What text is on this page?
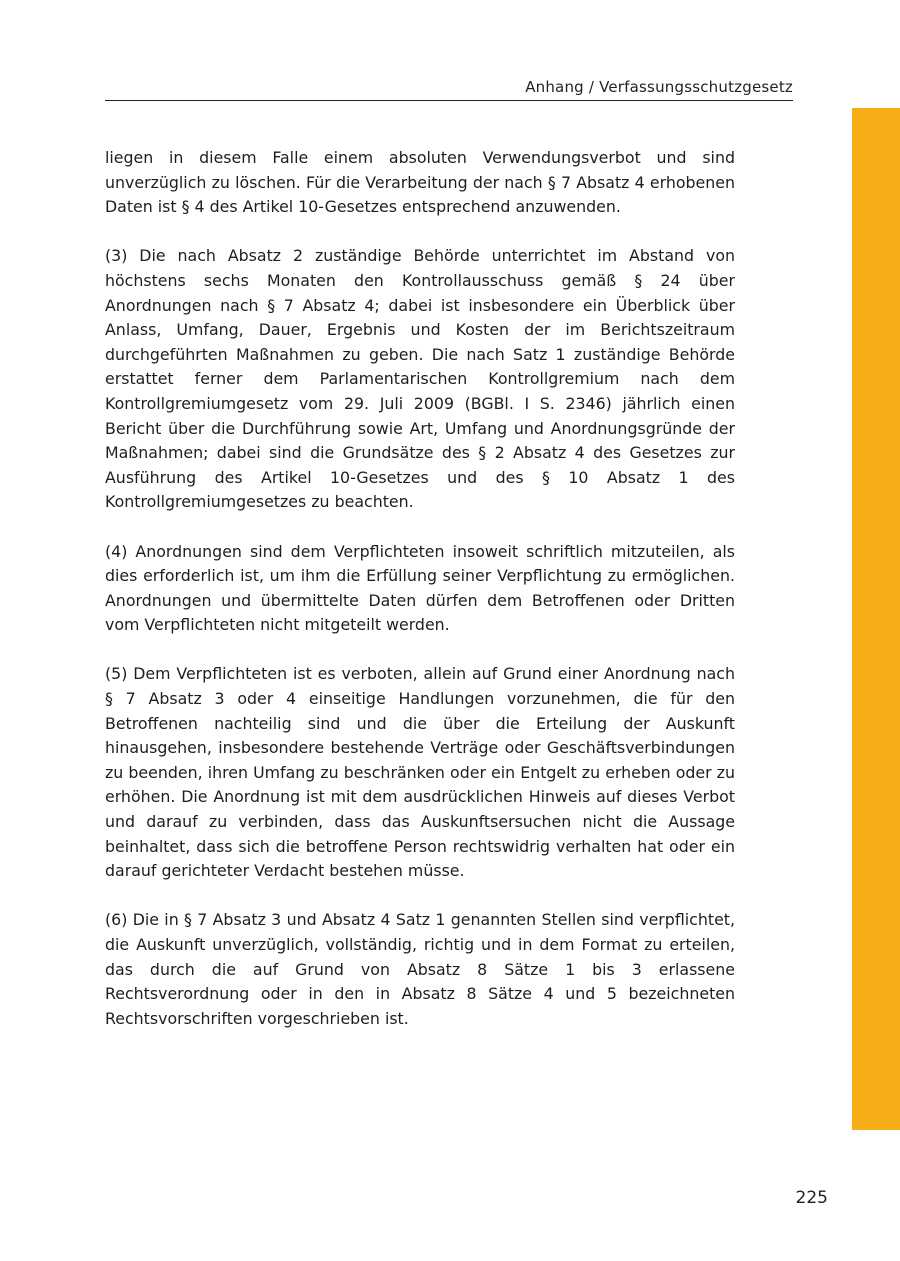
Anhang / Verfassungsschutzgesetz

liegen in diesem Falle einem absoluten Verwendungsverbot und sind unverzüglich zu löschen. Für die Verarbeitung der nach § 7 Absatz 4 erhobenen Daten ist § 4 des Artikel 10-Gesetzes entsprechend anzuwenden.

(3) Die nach Absatz 2 zuständige Behörde unterrichtet im Abstand von höchstens sechs Monaten den Kontrollausschuss gemäß § 24 über Anordnungen nach § 7 Absatz 4; dabei ist insbesondere ein Überblick über Anlass, Umfang, Dauer, Ergebnis und Kosten der im Berichtszeitraum durchgeführten Maßnahmen zu geben. Die nach Satz 1 zuständige Behörde erstattet ferner dem Parlamentarischen Kontrollgremium nach dem Kontrollgremiumgesetz vom 29. Juli 2009 (BGBl. I S. 2346) jährlich einen Bericht über die Durchführung sowie Art, Umfang und Anordnungsgründe der Maßnahmen; dabei sind die Grundsätze des § 2 Absatz 4 des Gesetzes zur Ausführung des Artikel 10-Gesetzes und des § 10 Absatz 1 des Kontrollgremiumgesetzes zu beachten.

(4) Anordnungen sind dem Verpflichteten insoweit schriftlich mitzuteilen, als dies erforderlich ist, um ihm die Erfüllung seiner Verpflichtung zu ermöglichen. Anordnungen und übermittelte Daten dürfen dem Betroffenen oder Dritten vom Verpflichteten nicht mitgeteilt werden.

(5) Dem Verpflichteten ist es verboten, allein auf Grund einer Anordnung nach § 7 Absatz 3 oder 4 einseitige Handlungen vorzunehmen, die für den Betroffenen nachteilig sind und die über die Erteilung der Auskunft hinausgehen, insbesondere bestehende Verträge oder Geschäftsverbindungen zu beenden, ihren Umfang zu beschränken oder ein Entgelt zu erheben oder zu erhöhen. Die Anordnung ist mit dem ausdrücklichen Hinweis auf dieses Verbot und darauf zu verbinden, dass das Auskunftsersuchen nicht die Aussage beinhaltet, dass sich die betroffene Person rechtswidrig verhalten hat oder ein darauf gerichteter Verdacht bestehen müsse.

(6) Die in § 7 Absatz 3 und Absatz 4 Satz 1 genannten Stellen sind verpflichtet, die Auskunft unverzüglich, vollständig, richtig und in dem Format zu erteilen, das durch die auf Grund von Absatz 8 Sätze 1 bis 3 erlassene Rechtsverordnung oder in den in Absatz 8 Sätze 4 und 5 bezeichneten Rechtsvorschriften vorgeschrieben ist.

225
